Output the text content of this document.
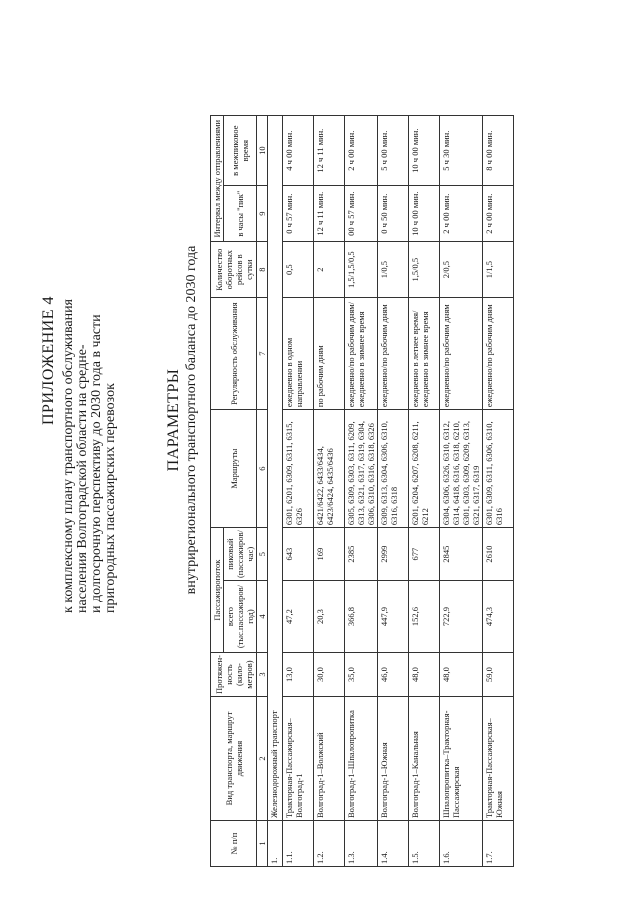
ПРИЛОЖЕНИЕ 4 к комплексному плану транспортного обслуживания населения Волгоградской области на средне- и долгосрочную перспективу до 2030 года в части пригородных пассажирских перевозок	ПАРАМЕТРЫ внутрирегионального транспортного баланса до 2030 года
№ п/п	Вид транспорта, маршрут движения	Протяжен- ность (кило- метров)	Пассажиропоток		Маршруты	Регулярность обслуживания	Количество оборотных рейсов в сутки	Интервал между отправлениями	
			всего (тыс.пассажиров/ год)	пиковый (пассажиров/ час)				в часы "пик"	в межпиковое время
1	2	3	4	5	6	7	8	9	10
1.	Железнодорожный транспорт								
1.1.	Тракторная-Пассажирская– Волгоград-1	13,0	47,2	643	6301, 6201, 6309, 6311, 6315, 6326	ежедневно в одном направлении	0,5	0 ч 57 мин.	4 ч 00 мин.
1.2.	Волгоград-1–Волжский	30,0	20,3	169	6421/6422, 6433/6434, 6423/6424, 6435/6436	по рабочим дням	2	12 ч 11 мин.	12 ч 11 мин.
1.3.	Волгоград-1–Шпалопропитка	35,0	366,8	2385	6305, 6309, 6303, 6311, 6209, 6313, 6321, 6317, 6319, 6304, 6306, 6310, 6316, 6318, 6326	ежедневно/по рабочим дням/ежедневно в зимнее время	1,5/1,5/0,5	00 ч 57 мин.	2 ч 00 мин.
1.4.	Волгоград-1–Южная	46,0	447,9	2999	6309, 6313, 6304, 6306, 6310, 6316, 6318	ежедневно/по рабочим дням	1/0,5	0 ч 50 мин.	5 ч 00 мин.
1.5.	Волгоград-1–Канальная	48,0	152,6	677	6201, 6204, 6207, 6208, 6211, 6212	ежедневно в летнее время/ежедневно в зимнее время	1,5/0,5	10 ч 00 мин.	10 ч 00 мин.
1.6.	Шпалопропитка–Тракторная- Пассажирская	48,0	722,9	2845	6304, 6306, 6326, 6310, 6312, 6314, 6418, 6316, 6318, 6210, 6301, 6303, 6309, 6209, 6313, 6321, 6317, 6319	ежедневно/по рабочим дням	2/0,5	2 ч 00 мин.	5 ч 30 мин.
1.7.	Тракторная-Пассажирская– Южная	59,0	474,3	2610	6301, 6309, 6311, 6306, 6310, 6316	ежедневно/по рабочим дням	1/1,5	2 ч 00 мин.	8 ч 00 мин.
